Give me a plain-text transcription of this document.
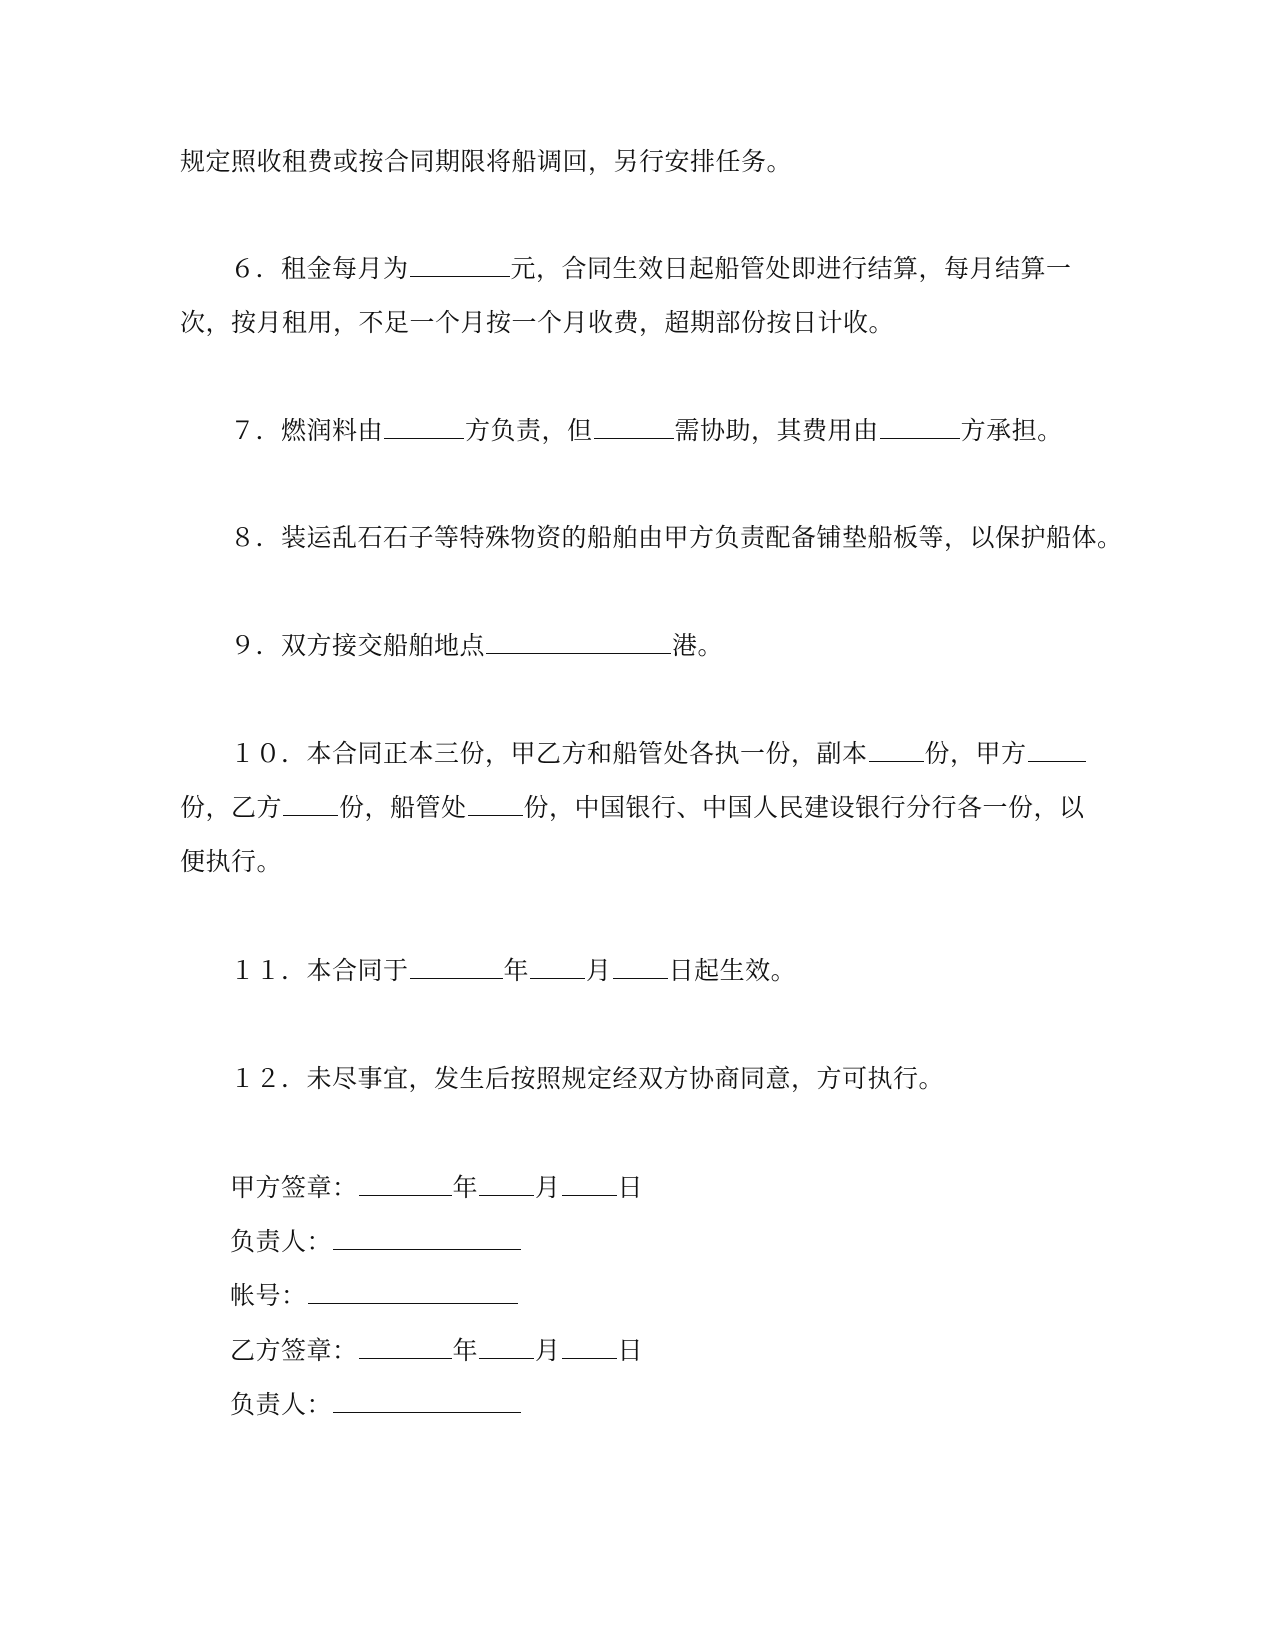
规定照收租费或按合同期限将船调回，另行安排任务。
６．租金每月为	元，合同生效日起船管处即进行结算，每月结算一
次，按月租用，不足一个月按一个月收费，超期部份按日计收。
７．燃润料由	方负责，但	需协助，其费用由	方承担。
８．装运乱石石子等特殊物资的船舶由甲方负责配备铺垫船板等，以保护船体。
９．双方接交船舶地点	港。
１０．本合同正本三份，甲乙方和船管处各执一份，副本 份，甲方
份，乙方 份，船管处 份，中国银行、中国人民建设银行分行各一份，以
便执行。
１１．本合同于	年 月 日起生效。
１２．未尽事宜，发生后按照规定经双方协商同意，方可执行。
甲方签章：	年 月 日
负责人：
帐号：
乙方签章：	年 月 日
负责人：
